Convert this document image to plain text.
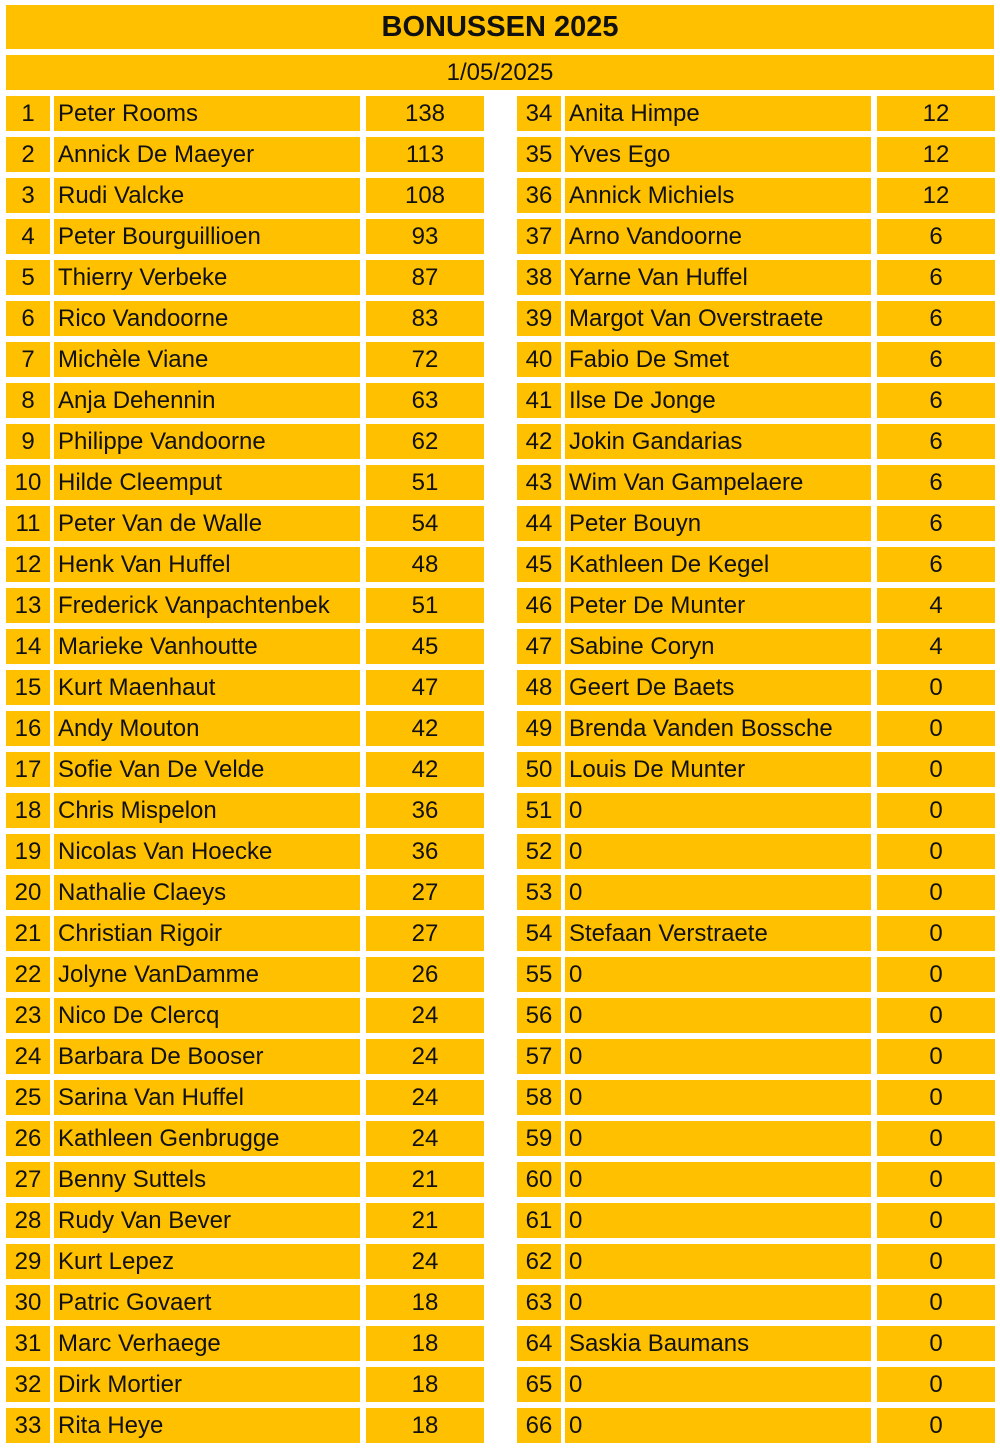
BONUSSEN 2025
1/05/2025
1 Peter Rooms	138
2 Annick De Maeyer	113
3 Rudi Valcke	108
4 Peter Bourguillioen	93
5 Thierry Verbeke	87
6 Rico Vandoorne	83
7 Michèle Viane	72
8 Anja Dehennin	63
9 Philippe Vandoorne	62
10 Hilde Cleemput	51
11 Peter Van de Walle	54
12 Henk Van Huffel	48
13 Frederick Vanpachtenbek	51
14 Marieke Vanhoutte	45
15 Kurt Maenhaut	47
16 Andy Mouton	42
17 Sofie Van De Velde	42
18 Chris Mispelon	36
19 Nicolas Van Hoecke	36
20 Nathalie Claeys	27
21 Christian Rigoir	27
22 Jolyne VanDamme	26
23 Nico De Clercq	24
24 Barbara De Booser	24
25 Sarina Van Huffel	24
26 Kathleen Genbrugge	24
27 Benny Suttels	21
28 Rudy Van Bever	21
29 Kurt Lepez	24
30 Patric Govaert	18
31 Marc Verhaege	18
32 Dirk Mortier	18
33 Rita Heye	18
34 Anita Himpe	12
35 Yves Ego	12
36 Annick Michiels	12
37 Arno Vandoorne	6
38 Yarne Van Huffel	6
39 Margot Van Overstraete	6
40 Fabio De Smet	6
41 Ilse De Jonge	6
42 Jokin Gandarias	6
43 Wim Van Gampelaere	6
44 Peter Bouyn	6
45 Kathleen De Kegel	6
46 Peter De Munter	4
47 Sabine Coryn	4
48 Geert De Baets	0
49 Brenda Vanden Bossche	0
50 Louis De Munter	0
51 0	0
52 0	0
53 0	0
54 Stefaan Verstraete	0
55 0	0
56 0	0
57 0	0
58 0	0
59 0	0
60 0	0
61 0	0
62 0	0
63 0	0
64 Saskia Baumans	0
65 0	0
66 0	0
